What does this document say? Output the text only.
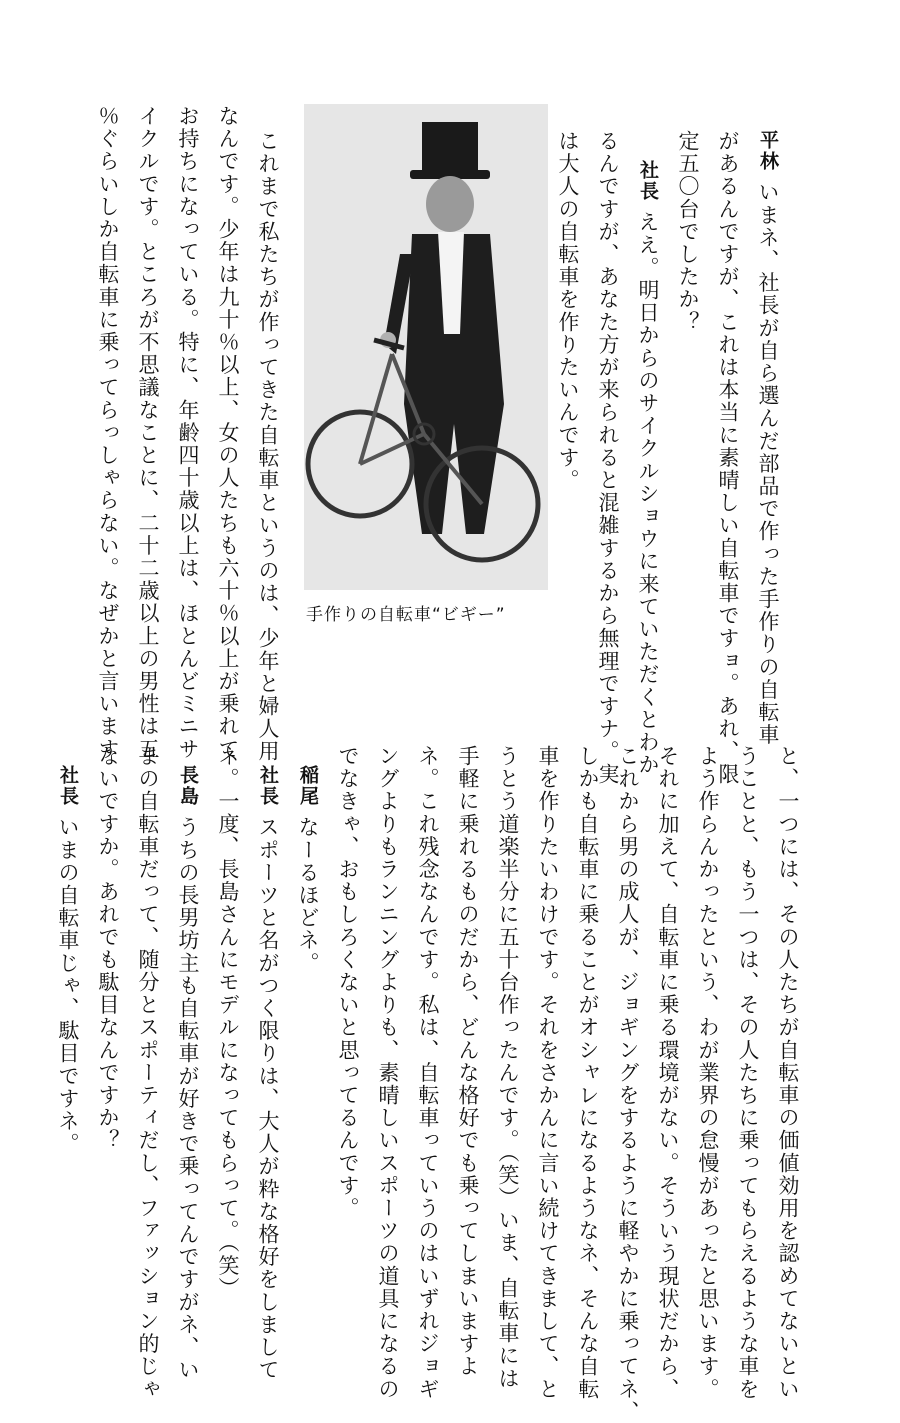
平林いまネ、社長が自ら選んだ部品で作った手作りの自転車

があるんですが、これは本当に素晴しい自転車ですョ。あれ、限

定五〇台でしたか？

社長ええ。明日からのサイクルショウに来ていただくとわか

るんですが、あなた方が来られると混雑するから無理ですナ。実

は大人の自転車を作りたいんです。

手作りの自転車“ビギー”

これまで私たちが作ってきた自転車というのは、少年と婦人用

なんです。少年は九十％以上、女の人たちも六十％以上が乗れて

お持ちになっている。特に、年齢四十歳以上は、ほとんどミニサ

イクルです。ところが不思議なことに、二十二歳以上の男性は五

％ぐらいしか自転車に乗ってらっしゃらない。なぜかと言います

と、一つには、その人たちが自転車の価値効用を認めてないとい

うことと、もう一つは、その人たちに乗ってもらえるような車を

よう作らんかったという、わが業界の怠慢があったと思います。

それに加えて、自転車に乗る環境がない。そういう現状だから、

これから男の成人が、ジョギングをするように軽やかに乗ってネ、

しかも自転車に乗ることがオシャレになるようなネ、そんな自転

車を作りたいわけです。それをさかんに言い続けてきまして、と

うとう道楽半分に五十台作ったんです。（笑）いま、自転車には

手軽に乗れるものだから、どんな格好でも乗ってしまいますよ

ネ。これ残念なんです。私は、自転車っていうのはいずれジョギ

ングよりもランニングよりも、素晴しいスポーツの道具になるの

でなきゃ、おもしろくないと思ってるんです。

稲尾なーるほどネ。

社長スポーツと名がつく限りは、大人が粋な格好をしまして

ネ。一度、長島さんにモデルになってもらって。（笑）

長島うちの長男坊主も自転車が好きで乗ってんですがネ、い

まの自転車だって、随分とスポーティだし、ファッション的じゃ

ないですか。あれでも駄目なんですか？

社長いまの自転車じゃ、駄目ですネ。
